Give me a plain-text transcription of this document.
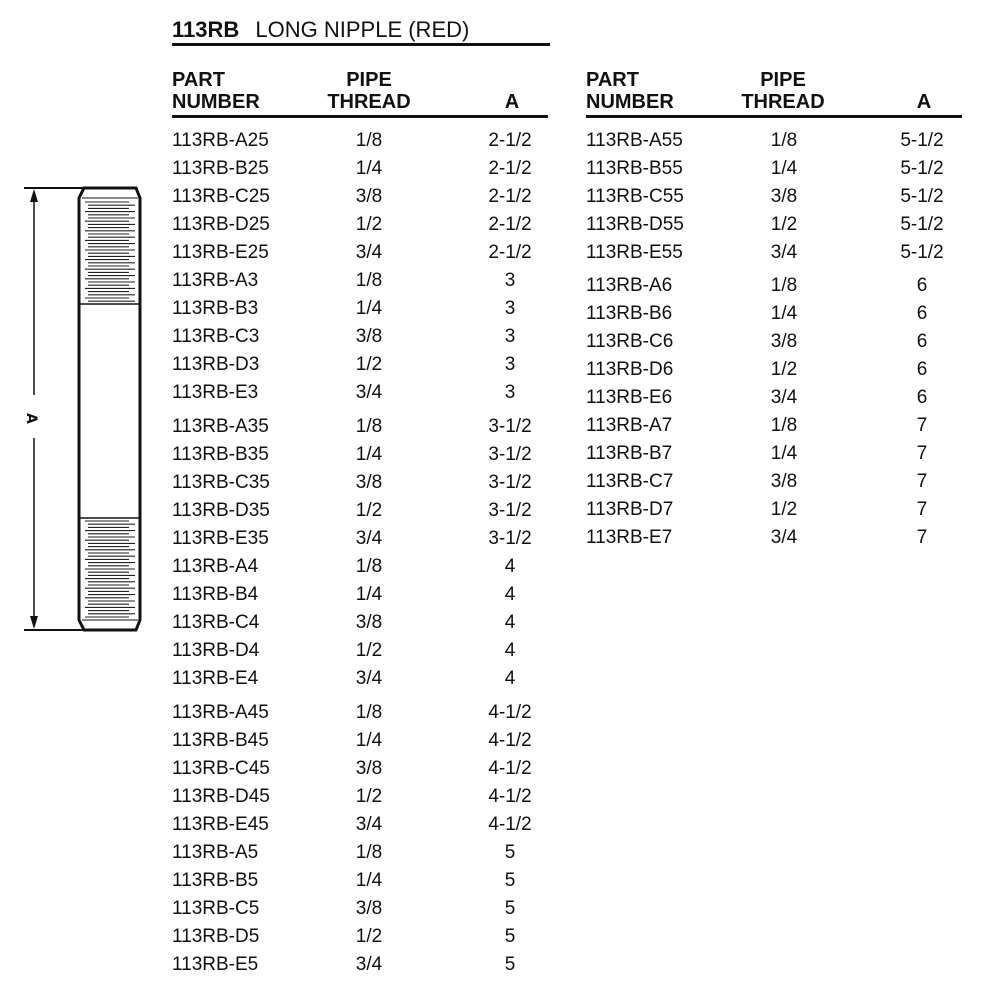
113RB LONG NIPPLE (RED)
A
PART
NUMBER
PIPE
THREAD	A
113RB-A25	1/8	2-1/2
113RB-B25	1/4	2-1/2
113RB-C25	3/8	2-1/2
113RB-D25	1/2	2-1/2
113RB-E25	3/4	2-1/2
113RB-A3	1/8	3
113RB-B3	1/4	3
113RB-C3	3/8	3
113RB-D3	1/2	3
113RB-E3	3/4	3
113RB-A35	1/8	3-1/2
113RB-B35	1/4	3-1/2
113RB-C35	3/8	3-1/2
113RB-D35	1/2	3-1/2
113RB-E35	3/4	3-1/2
113RB-A4	1/8	4
113RB-B4	1/4	4
113RB-C4	3/8	4
113RB-D4	1/2	4
113RB-E4	3/4	4
113RB-A45	1/8	4-1/2
113RB-B45	1/4	4-1/2
113RB-C45	3/8	4-1/2
113RB-D45	1/2	4-1/2
113RB-E45	3/4	4-1/2
113RB-A5	1/8	5
113RB-B5	1/4	5
113RB-C5	3/8	5
113RB-D5	1/2	5
113RB-E5	3/4	5
PART
NUMBER
PIPE
THREAD	A
113RB-A55	1/8	5-1/2
113RB-B55	1/4	5-1/2
113RB-C55	3/8	5-1/2
113RB-D55	1/2	5-1/2
113RB-E55	3/4	5-1/2
113RB-A6	1/8	6
113RB-B6	1/4	6
113RB-C6	3/8	6
113RB-D6	1/2	6
113RB-E6	3/4	6
113RB-A7	1/8	7
113RB-B7	1/4	7
113RB-C7	3/8	7
113RB-D7	1/2	7
113RB-E7	3/4	7
